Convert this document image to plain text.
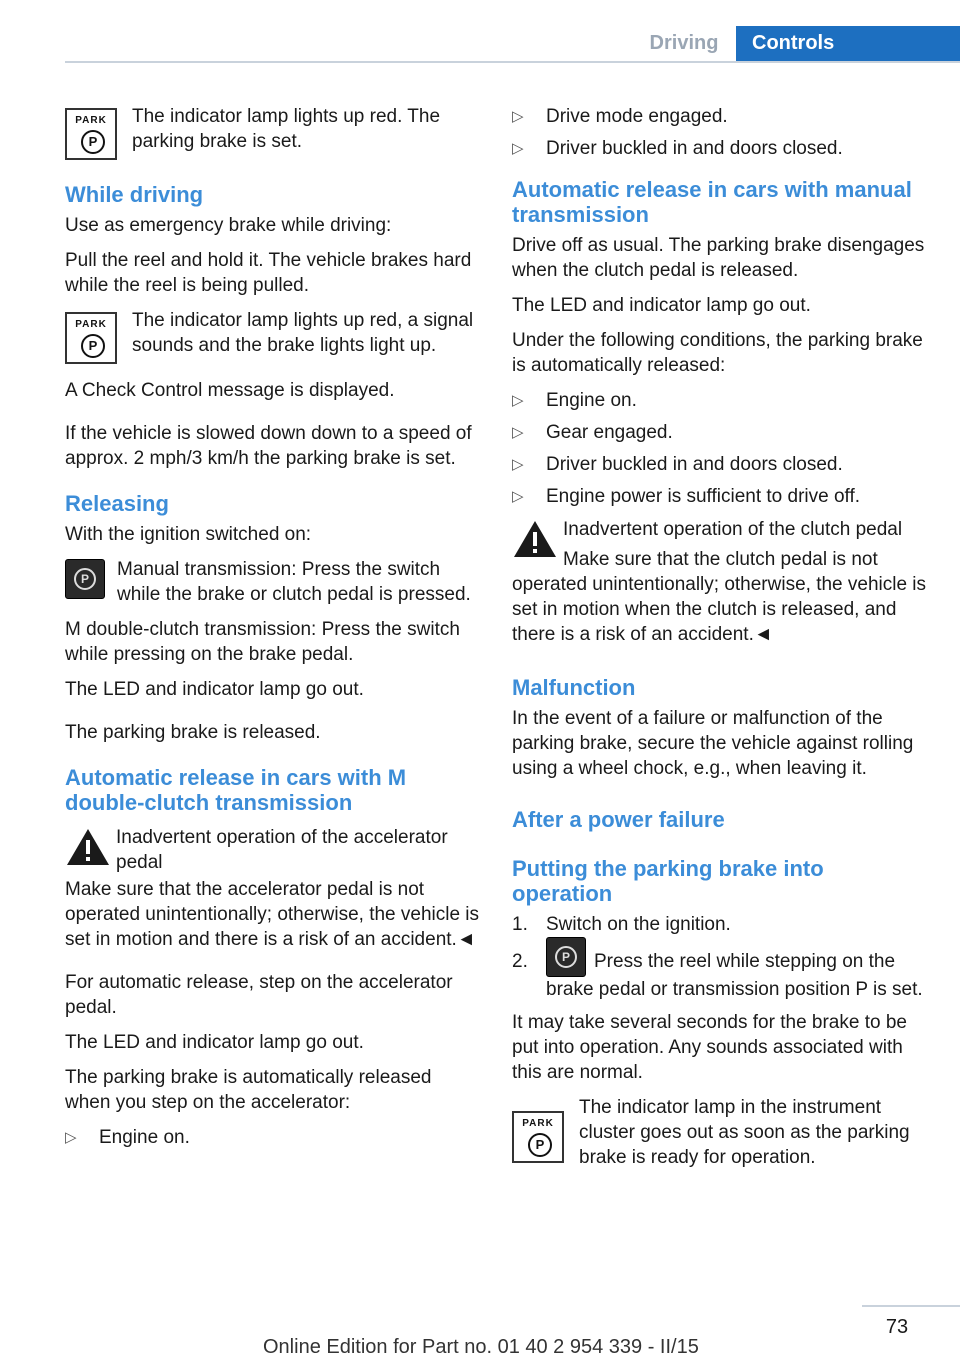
Driving	Controls
PARK
P

The indicator lamp lights up red. The parking brake is set.

While driving

Use as emergency brake while driving:

Pull the reel and hold it. The vehicle brakes hard while the reel is being pulled.

PARK
P

The indicator lamp lights up red, a signal sounds and the brake lights light up.

A Check Control message is displayed.

If the vehicle is slowed down down to a speed of approx. 2 mph/3 km/h the parking brake is set.

Releasing

With the ignition switched on:

P	Manual transmission: Press the switch while the brake or clutch pedal is pressed.

M double-clutch transmission: Press the switch while pressing on the brake pedal.

The LED and indicator lamp go out.

The parking brake is released.

Automatic release in cars with M double-clutch transmission

Inadvertent operation of the accelerator pedal

Make sure that the accelerator pedal is not operated unintentionally; otherwise, the vehicle is set in motion and there is a risk of an accident.◄

For automatic release, step on the accelerator pedal.

The LED and indicator lamp go out.

The parking brake is automatically released when you step on the accelerator:

▷ Engine on.
▷ Drive mode engaged.
▷ Driver buckled in and doors closed.
Automatic release in cars with manual transmission

Drive off as usual. The parking brake disengages when the clutch pedal is released.

The LED and indicator lamp go out.

Under the following conditions, the parking brake is automatically released:

▷ Engine on.
▷ Gear engaged.
▷ Driver buckled in and doors closed.
▷ Engine power is sufficient to drive off.

Inadvertent operation of the clutch pedal

Make sure that the clutch pedal is not operated unintentionally; otherwise, the vehicle is set in motion when the clutch is released, and there is a risk of an accident.◄

Malfunction

In the event of a failure or malfunction of the parking brake, secure the vehicle against rolling using a wheel chock, e.g., when leaving it.

After a power failure
Putting the parking brake into operation
1. Switch on the ignition.
2.	P	Press the reel while stepping on the brake pedal or transmission position P is set.

It may take several seconds for the brake to be put into operation. Any sounds associated with this are normal.

PARK
P

The indicator lamp in the instrument cluster goes out as soon as the parking brake is ready for operation.

73
Online Edition for Part no. 01 40 2 954 339 - II/15
